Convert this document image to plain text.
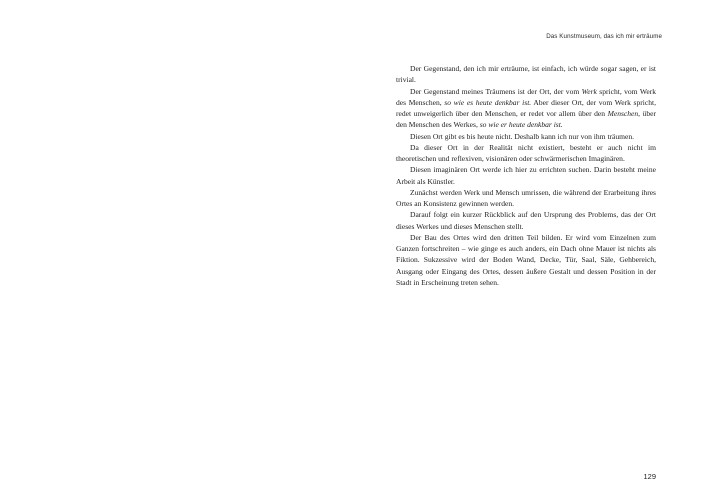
Das Kunstmuseum, das ich mir erträume

Der Gegenstand, den ich mir erträume, ist einfach, ich würde sogar sagen, er ist trivial.

Der Gegenstand meines Träumens ist der Ort, der vom Werk spricht, vom Werk des Menschen, so wie es heute denkbar ist. Aber dieser Ort, der vom Werk spricht, redet unweigerlich über den Menschen, er redet vor allem über den Menschen, über den Menschen des Werkes, so wie er heute denkbar ist.

Diesen Ort gibt es bis heute nicht. Deshalb kann ich nur von ihm träumen.

Da dieser Ort in der Realität nicht existiert, besteht er auch nicht im theoretischen und reflexiven, visionären oder schwärmerischen Imaginären.

Diesen imaginären Ort werde ich hier zu errichten suchen. Darin besteht meine Arbeit als Künstler.

Zunächst werden Werk und Mensch umrissen, die während der Erarbeitung ihres Ortes an Konsistenz gewinnen werden.

Darauf folgt ein kurzer Rückblick auf den Ursprung des Problems, das der Ort dieses Werkes und dieses Menschen stellt.

Der Bau des Ortes wird den dritten Teil bilden. Er wird vom Einzelnen zum Ganzen fortschreiten – wie ginge es auch anders, ein Dach ohne Mauer ist nichts als Fiktion. Sukzessive wird der Boden Wand, Decke, Tür, Saal, Säle, Gehbereich, Ausgang oder Eingang des Ortes, dessen äußere Gestalt und dessen Position in der Stadt in Erscheinung treten sehen.

129
